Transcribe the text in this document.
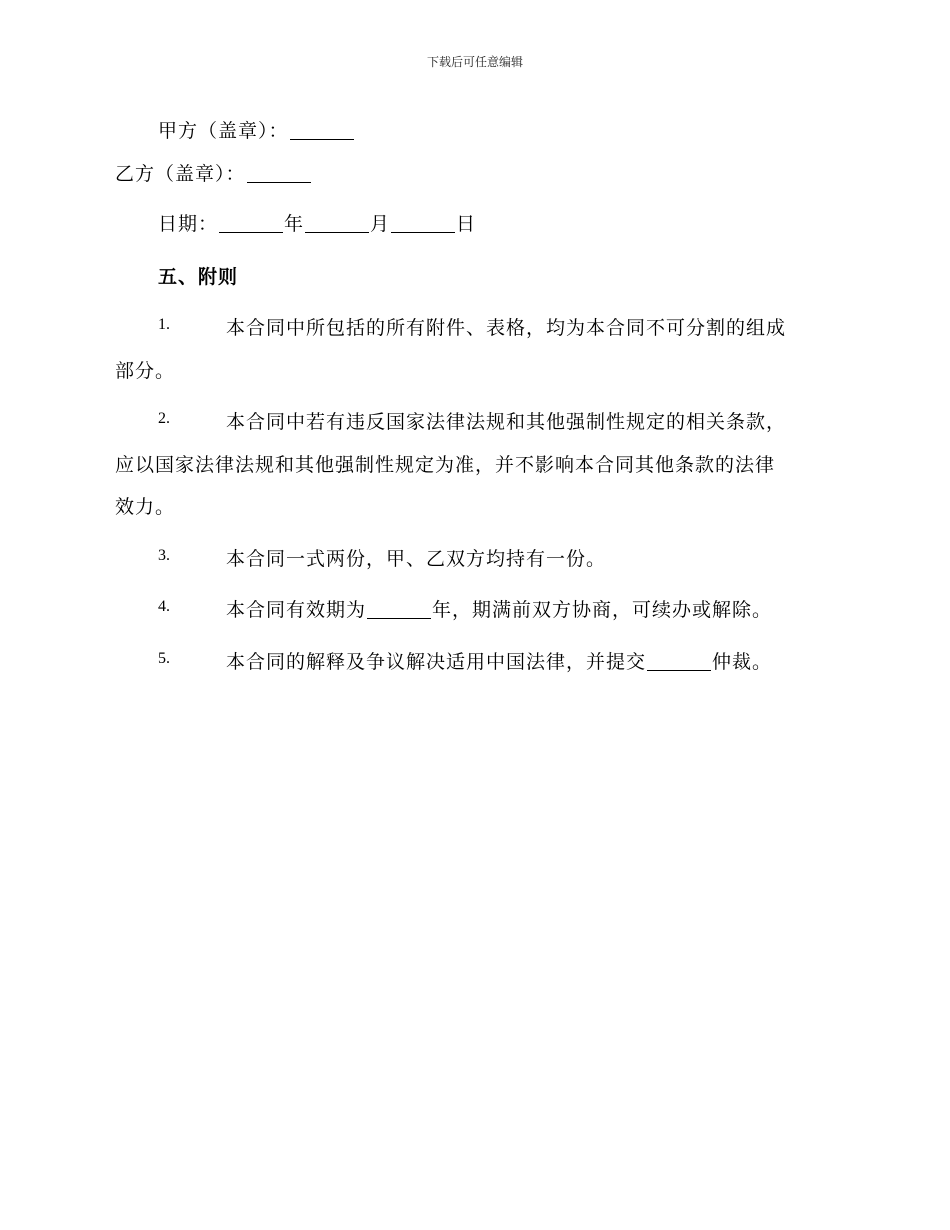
下载后可任意编辑
甲方（盖章）：
乙方（盖章）：
日期：	年	月	日
五、附则
1.	本合同中所包括的所有附件、表格，均为本合同不可分割的组成
部分。
2.	本合同中若有违反国家法律法规和其他强制性规定的相关条款，
应以国家法律法规和其他强制性规定为准，并不影响本合同其他条款的法律
效力。
3.	本合同一式两份，甲、乙双方均持有一份。
4.	本合同有效期为	年，期满前双方协商，可续办或解除。
5.	本合同的解释及争议解决适用中国法律，并提交	仲裁。
